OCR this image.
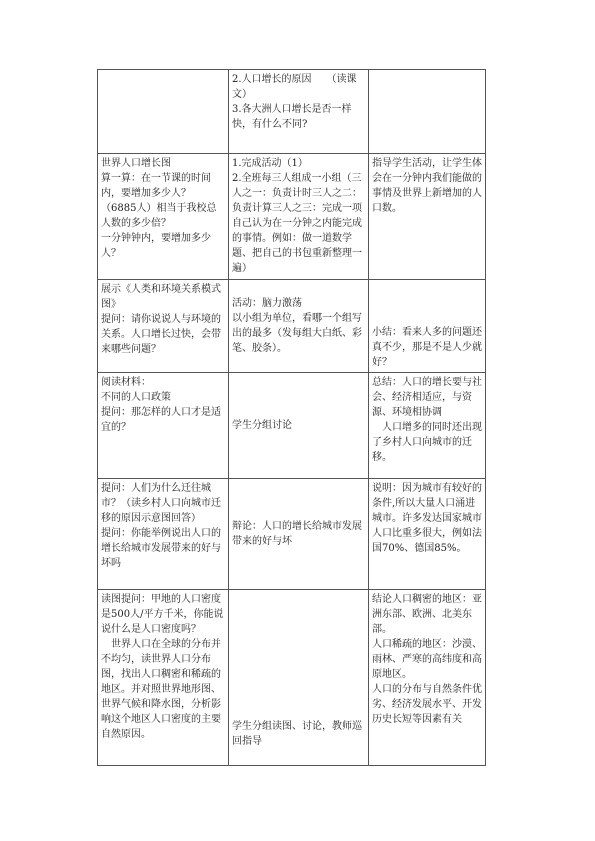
	2.人口增长的原因　　（读课文）
3.各大洲人口增长是否一样快，有什么不同?	

世界人口增长图
算一算：在一节课的时间内，要增加多少人？
（6885人）相当于我校总人数的多少倍？
一分钟钟内，要增加多少人？	1.完成活动（1）
2.全班每三人组成一小组（三人之一：负责计时三人之二：负责计算三人之三：完成一项自己认为在一分钟之内能完成的事情。例如：做一道数学题、把自己的书包重新整理一遍）	指导学生活动，让学生体会在一分钟内我们能做的事情及世界上新增加的人口数。

展示《人类和环境关系模式图》
提问：请你说说人与环境的关系。人口增长过快，会带来哪些问题？	活动：脑力激荡
以小组为单位，看哪一个组写出的最多（发每组大白纸、彩笔、胶条）。	小结：看来人多的问题还真不少，那是不是人少就好？

阅读材料：
不同的人口政策
提问：那怎样的人口才是适宜的？	学生分组讨论	总结：人口的增长要与社会、经济相适应，与资源、环境相协调
　人口增多的同时还出现了乡村人口向城市的迁移。

提问：人们为什么迁往城市？（读乡村人口向城市迁移的原因示意图回答）
提问：你能举例说出人口的增长给城市发展带来的好与坏吗	辩论：人口的增长给城市发展带来的好与坏	说明：因为城市有较好的条件,所以大量人口涌进城市。许多发达国家城市人口比重多很大，例如法国70%、德国85%。

读图提问：甲地的人口密度是500人/平方千米，你能说说什么是人口密度吗？
　世界人口在全球的分布并不均匀，读世界人口分布图，找出人口稠密和稀疏的地区。并对照世界地形图、世界气候和降水图，分析影响这个地区人口密度的主要自然原因。	学生分组读图、讨论，教师巡回指导	结论人口稠密的地区：亚洲东部、欧洲、北美东部。
人口稀疏的地区：沙漠、雨林、严寒的高纬度和高原地区。
人口的分布与自然条件优劣、经济发展水平、开发历史长短等因素有关
